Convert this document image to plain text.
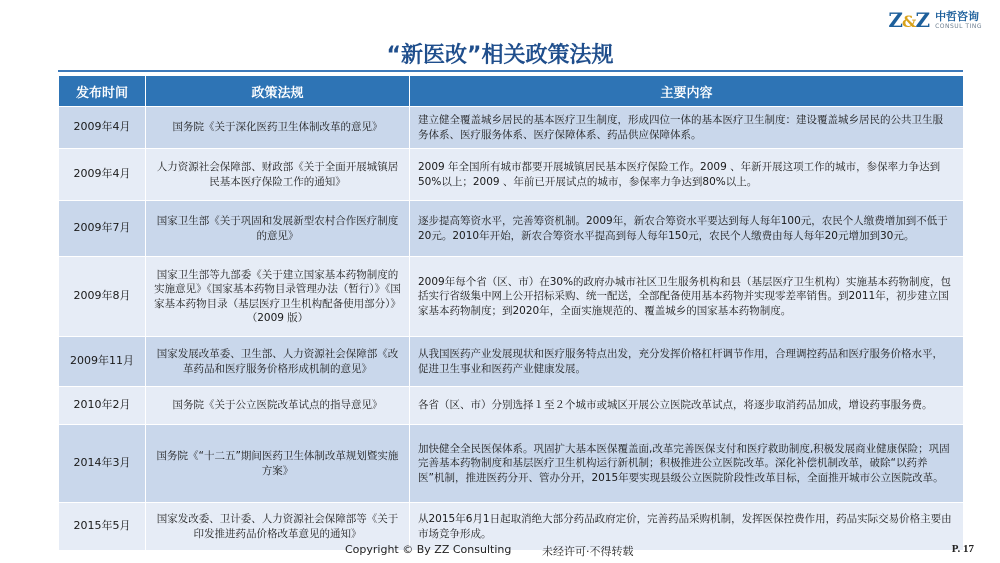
Z&Z 中哲咨询
CONSUL TING
“新医改”相关政策法规
发布时间	政策法规	主要内容
2009年4月	国务院《关于深化医药卫生体制改革的意见》	建立健全覆盖城乡居民的基本医疗卫生制度，形成四位一体的基本医疗卫生制度：建设覆盖城乡居民的公共卫生服务体系、医疗服务体系、医疗保障体系、药品供应保障体系。
2009年4月	人力资源社会保障部、财政部《关于全面开展城镇居民基本医疗保险工作的通知》	2009 年全国所有城市都要开展城镇居民基本医疗保险工作。2009 、年新开展这项工作的城市，参保率力争达到50%以上；2009 、年前已开展试点的城市，参保率力争达到80%以上。
2009年7月	国家卫生部《关于巩固和发展新型农村合作医疗制度的意见》	逐步提高筹资水平，完善筹资机制。2009年，新农合筹资水平要达到每人每年100元，农民个人缴费增加到不低于20元。2010年开始，新农合筹资水平提高到每人每年150元，农民个人缴费由每人每年20元增加到30元。
2009年8月	国家卫生部等九部委《关于建立国家基本药物制度的实施意见》《国家基本药物目录管理办法（暂行）》《国家基本药物目录（基层医疗卫生机构配备使用部分）》（2009 版）	2009年每个省（区、市）在30%的政府办城市社区卫生服务机构和县（基层医疗卫生机构）实施基本药物制度，包括实行省级集中网上公开招标采购、统一配送，全部配备使用基本药物并实现零差率销售。到2011年，初步建立国家基本药物制度；到2020年，全面实施规范的、覆盖城乡的国家基本药物制度。
2009年11月	国家发展改革委、卫生部、人力资源社会保障部《改革药品和医疗服务价格形成机制的意见》	从我国医药产业发展现状和医疗服务特点出发，充分发挥价格杠杆调节作用，合理调控药品和医疗服务价格水平，促进卫生事业和医药产业健康发展。
2010年2月	国务院《关于公立医院改革试点的指导意见》	各省（区、市）分别选择１至２个城市或城区开展公立医院改革试点，将逐步取消药品加成，增设药事服务费。
2014年3月	国务院《“十二五”期间医药卫生体制改革规划暨实施方案》	加快健全全民医保体系。巩固扩大基本医保覆盖面,改革完善医保支付和医疗救助制度,积极发展商业健康保险；巩固完善基本药物制度和基层医疗卫生机构运行新机制；积极推进公立医院改革。深化补偿机制改革，破除“以药养医”机制，推进医药分开、管办分开，2015年要实现县级公立医院阶段性改革目标，全面推开城市公立医院改革。
2015年5月	国家发改委、卫计委、人力资源社会保障部等《关于印发推进药品价格改革意见的通知》	从2015年6月1日起取消绝大部分药品政府定价，完善药品采购机制，发挥医保控费作用，药品实际交易价格主要由市场竞争形成。
Copyright © By ZZ Consulting	未经许可·不得转载	P. 17
